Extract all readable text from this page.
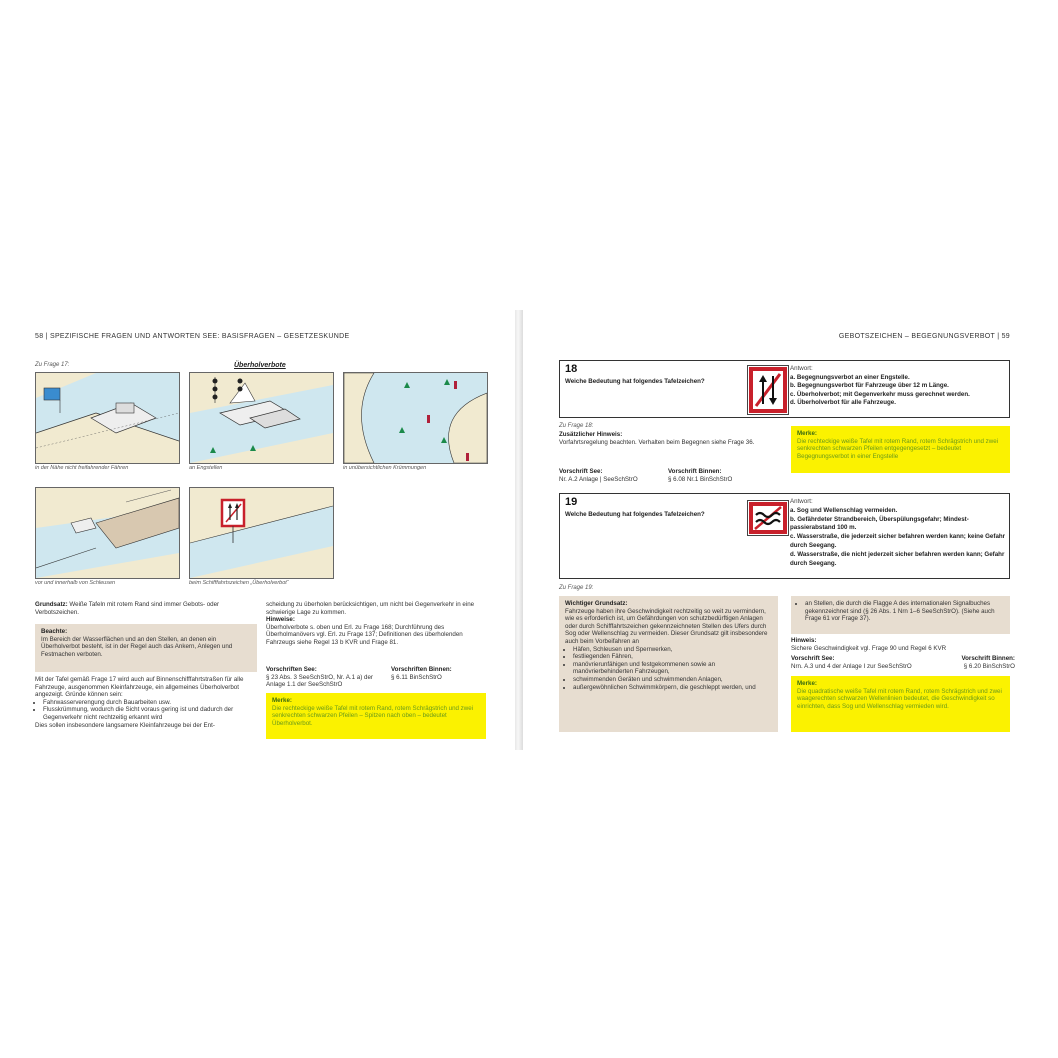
58 | SPEZIFISCHE FRAGEN UND ANTWORTEN SEE: BASISFRAGEN – GESETZESKUNDE
Zu Frage 17:	Überholverbote
in der Nähe nicht freifahrender Fähren	an Engstellen	in unübersichtlichen Krümmungen
vor und innerhalb von Schleusen	beim Schifffahrtszeichen „Überholverbot“
Grundsatz: Weiße Tafeln mit rotem Rand sind immer Gebots- oder Verbotszeichen.
Beachte:
Im Bereich der Wasserflächen und an den Stellen, an denen ein Überholverbot besteht, ist in der Regel auch das Ankern, Anlegen und Festmachen verboten.
Mit der Tafel gemäß Frage 17 wird auch auf Binnenschifffahrtstraßen für alle Fahrzeuge, ausgenommen Kleinfahrzeuge, ein allgemeines Überholverbot angezeigt. Gründe können sein:
• Fahrwasserverengung durch Bauarbeiten usw.
• Flusskrümmung, wodurch die Sicht voraus gering ist und dadurch der Gegenverkehr nicht rechtzeitig erkannt wird
Dies sollen insbesondere langsamere Kleinfahrzeuge bei der Ent-
scheidung zu überholen berücksichtigen, um nicht bei Gegenverkehr in eine schwierige Lage zu kommen.
Hinweise:
Überholverbote s. oben und Erl. zu Frage 168; Durchführung des Überholmanövers vgl. Erl. zu Frage 137; Definitionen des überholenden Fahrzeugs siehe Regel 13 b KVR und Frage 81.
Vorschriften See:
§ 23 Abs. 3 SeeSchStrO, Nr. A.1 a) der Anlage 1.1 der SeeSchStrO
Vorschriften Binnen:
§ 6.11 BinSchStrO
Merke:
Die rechteckige weiße Tafel mit rotem Rand, rotem Schrägstrich und zwei senkrechten schwarzen Pfeilen – Spitzen nach oben – bedeutet Überholverbot.
GEBOTSZEICHEN – BEGEGNUNGSVERBOT | 59
18
Weiche Bedeutung hat folgendes Tafelzeichen?
Antwort:
a. Begegnungsverbot an einer Engstelle.
b. Begegnungsverbot für Fahrzeuge über 12 m Länge.
c. Überholverbot; mit Gegenverkehr muss gerechnet werden.
d. Überholverbot für alle Fahrzeuge.
Zu Frage 18:
Zusätzlicher Hinweis:
Vorfahrtsregelung beachten. Verhalten beim Begegnen siehe Frage 36.
Vorschrift See:
Nr. A.2 Anlage | SeeSchStrO
Vorschrift Binnen:
§ 6.08 Nr.1 BinSchStrO
Merke:
Die rechteckige weiße Tafel mit rotem Rand, rotem Schrägstrich und zwei senkrechten schwarzen Pfeilen entgegengesetzt – bedeutet Begegnungsverbot in einer Engstelle
19
Welche Bedeutung hat folgendes Tafelzeichen?
Antwort:
a. Sog und Wellenschlag vermeiden.
b. Gefährdeter Strandbereich, Überspülungsgefahr; Mindest-passierabstand 100 m.
c. Wasserstraße, die jederzeit sicher befahren werden kann; keine Gefahr durch Seegang.
d. Wasserstraße, die nicht jederzeit sicher befahren werden kann; Gefahr durch Seegang.
Zu Frage 19:
Wichtiger Grundsatz:
Fahrzeuge haben ihre Geschwindigkeit rechtzeitig so weit zu vermindern, wie es erforderlich ist, um Gefährdungen von schutzbedürftigen Anlagen oder durch Schifffahrtszeichen gekennzeichneten Stellen des Ufers durch Sog oder Wellenschlag zu vermeiden. Dieser Grundsatz gilt insbesondere auch beim Vorbeifahren an
• Häfen, Schleusen und Sperrwerken,
• festliegenden Fähren,
• manövrierunfähigen und festgekommenen sowie an manövrierbehinderten Fahrzeugen,
• schwimmenden Geräten und schwimmenden Anlagen,
• außergewöhnlichen Schwimmkörpern, die geschleppt werden, und
• an Stellen, die durch die Flagge A des internationalen Signalbuches gekennzeichnet sind (§ 26 Abs. 1 Nrn 1–6 SeeSchStrO). (Siehe auch Frage 61 vor Frage 37).
Hinweis:
Sichere Geschwindigkeit vgl. Frage 90 und Regel 6 KVR
Vorschrift See:
Nrn. A.3 und 4 der Anlage I zur SeeSchStrO
Vorschrift Binnen:
§ 6.20 BinSchStrO
Merke:
Die quadratische weiße Tafel mit rotem Rand, rotem Schrägstrich und zwei waagerechten schwarzen Wellenlinien bedeutet, die Geschwindigkeit so einrichten, dass Sog und Wellenschlag vermieden wird.
